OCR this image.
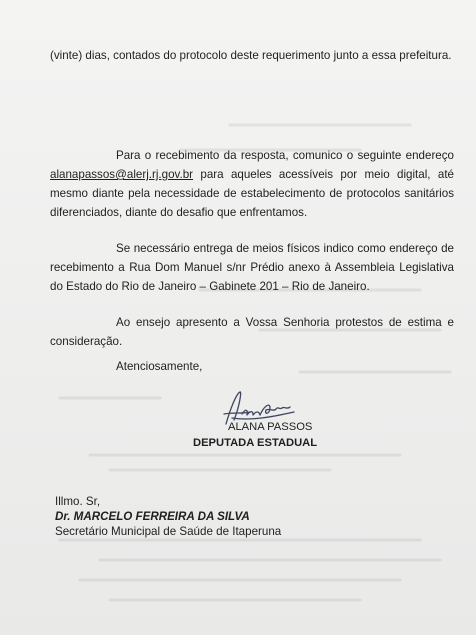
(vinte) dias, contados do protocolo deste requerimento junto a essa prefeitura.

Para o recebimento da resposta, comunico o seguinte endereço alanapassos@alerj.rj.gov.br para aqueles acessíveis por meio digital, até mesmo diante pela necessidade de estabelecimento de protocolos sanitários diferenciados, diante do desafio que enfrentamos.

Se necessário entrega de meios físicos indico como endereço de recebimento a Rua Dom Manuel s/nr Prédio anexo à Assembleia Legislativa do Estado do Rio de Janeiro – Gabinete 201 – Rio de Janeiro.

Ao ensejo apresento a Vossa Senhoria protestos de estima e consideração.

Atenciosamente,
ALANA PASSOS
DEPUTADA ESTADUAL
Illmo. Sr,
Dr. MARCELO FERREIRA DA SILVA
Secretário Municipal de Saúde de Itaperuna
